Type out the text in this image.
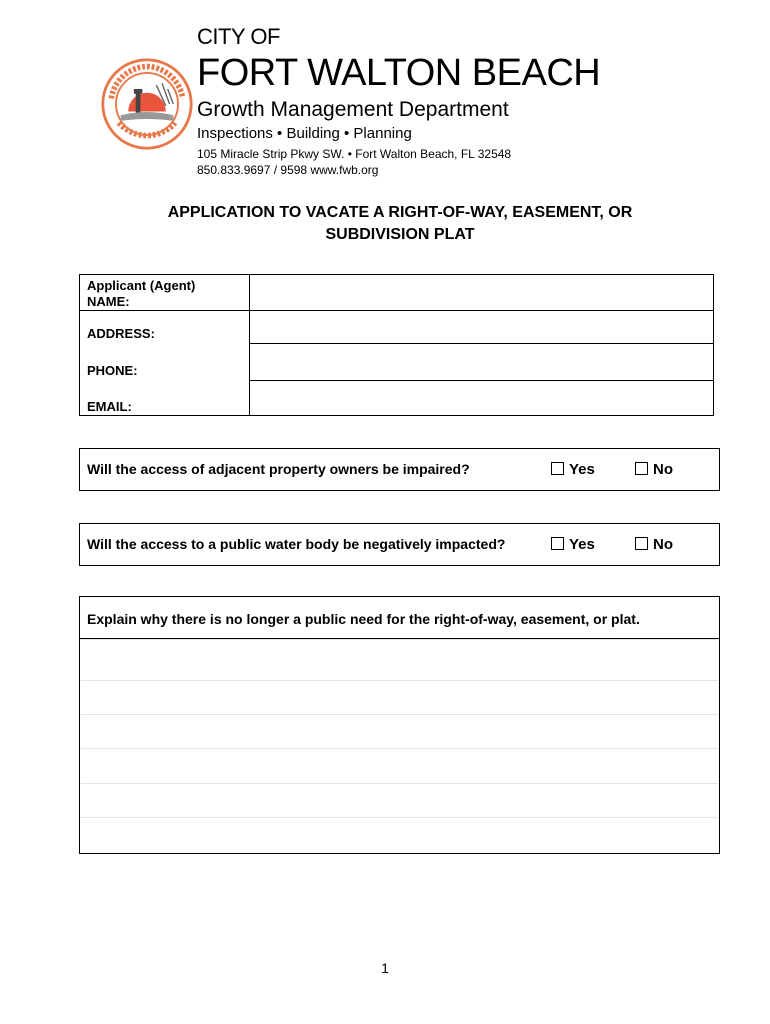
CITY OF
FORT WALTON BEACH
Growth Management Department
Inspections • Building • Planning
105 Miracle Strip Pkwy SW. • Fort Walton Beach, FL 32548
850.833.9697 / 9598 www.fwb.org
APPLICATION TO VACATE A RIGHT-OF-WAY, EASEMENT, OR
SUBDIVISION PLAT
Applicant (Agent)
NAME:
ADDRESS:
PHONE:
EMAIL:
Will the access of adjacent property owners be impaired?	Yes	No
Will the access to a public water body be negatively impacted?	Yes	No
Explain why there is no longer a public need for the right-of-way, easement, or plat.
1
